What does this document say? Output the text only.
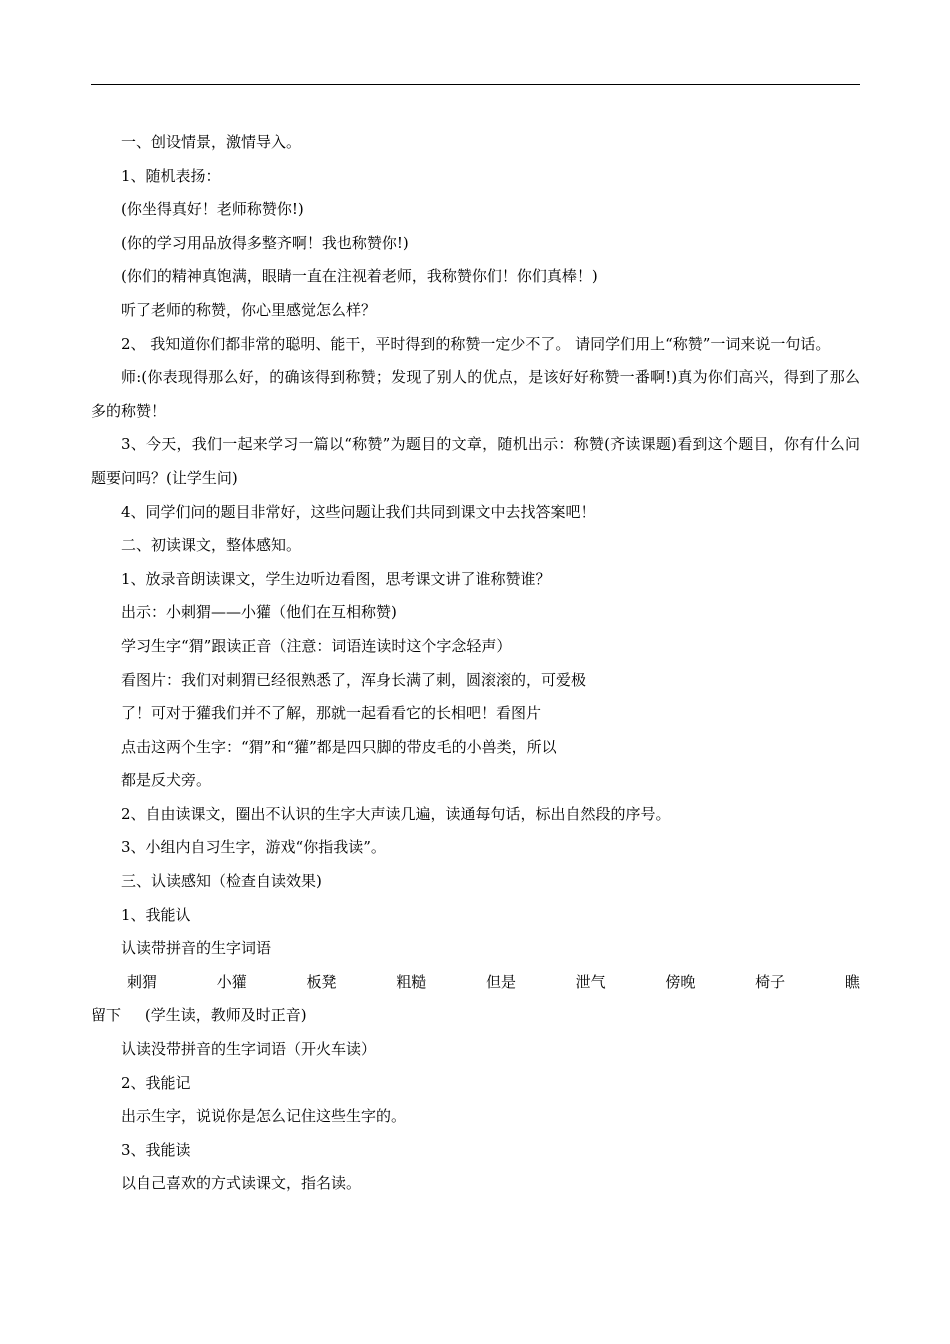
一、创设情景，激情导入。

1、随机表扬：

(你坐得真好！老师称赞你!)

(你的学习用品放得多整齐啊！我也称赞你!)

(你们的精神真饱满，眼睛一直在注视着老师，我称赞你们！你们真棒！)

听了老师的称赞，你心里感觉怎么样？

2、 我知道你们都非常的聪明、能干，平时得到的称赞一定少不了。 请同学们用上“称赞”一词来说一句话。

师:(你表现得那么好，的确该得到称赞；发现了别人的优点，是该好好称赞一番啊!)真为你们高兴，得到了那么多的称赞！

3、今天，我们一起来学习一篇以“称赞”为题目的文章，随机出示：称赞(齐读课题)看到这个题目，你有什么问题要问吗？(让学生问)

4、同学们问的题目非常好，这些问题让我们共同到课文中去找答案吧！

二、初读课文，整体感知。

1、放录音朗读课文，学生边听边看图，思考课文讲了谁称赞谁？

出示：小刺猬——小獾（他们在互相称赞)

学习生字“猬”跟读正音（注意：词语连读时这个字念轻声）

看图片：我们对刺猬已经很熟悉了，浑身长满了刺，圆滚滚的，可爱极

了！可对于獾我们并不了解，那就一起看看它的长相吧！看图片

点击这两个生字：“猬”和“獾”都是四只脚的带皮毛的小兽类，所以

都是反犬旁。

2、自由读课文，圈出不认识的生字大声读几遍，读通每句话，标出自然段的序号。

3、小组内自习生字，游戏“你指我读”。

三、认读感知（检查自读效果)

1、我能认

认读带拼音的生字词语

刺猬	小獾	板凳	粗糙	但是	泄气	傍晚	椅子	瞧

留下     (学生读，教师及时正音)

认读没带拼音的生字词语（开火车读）

2、我能记

出示生字，说说你是怎么记住这些生字的。

3、我能读

以自己喜欢的方式读课文，指名读。
